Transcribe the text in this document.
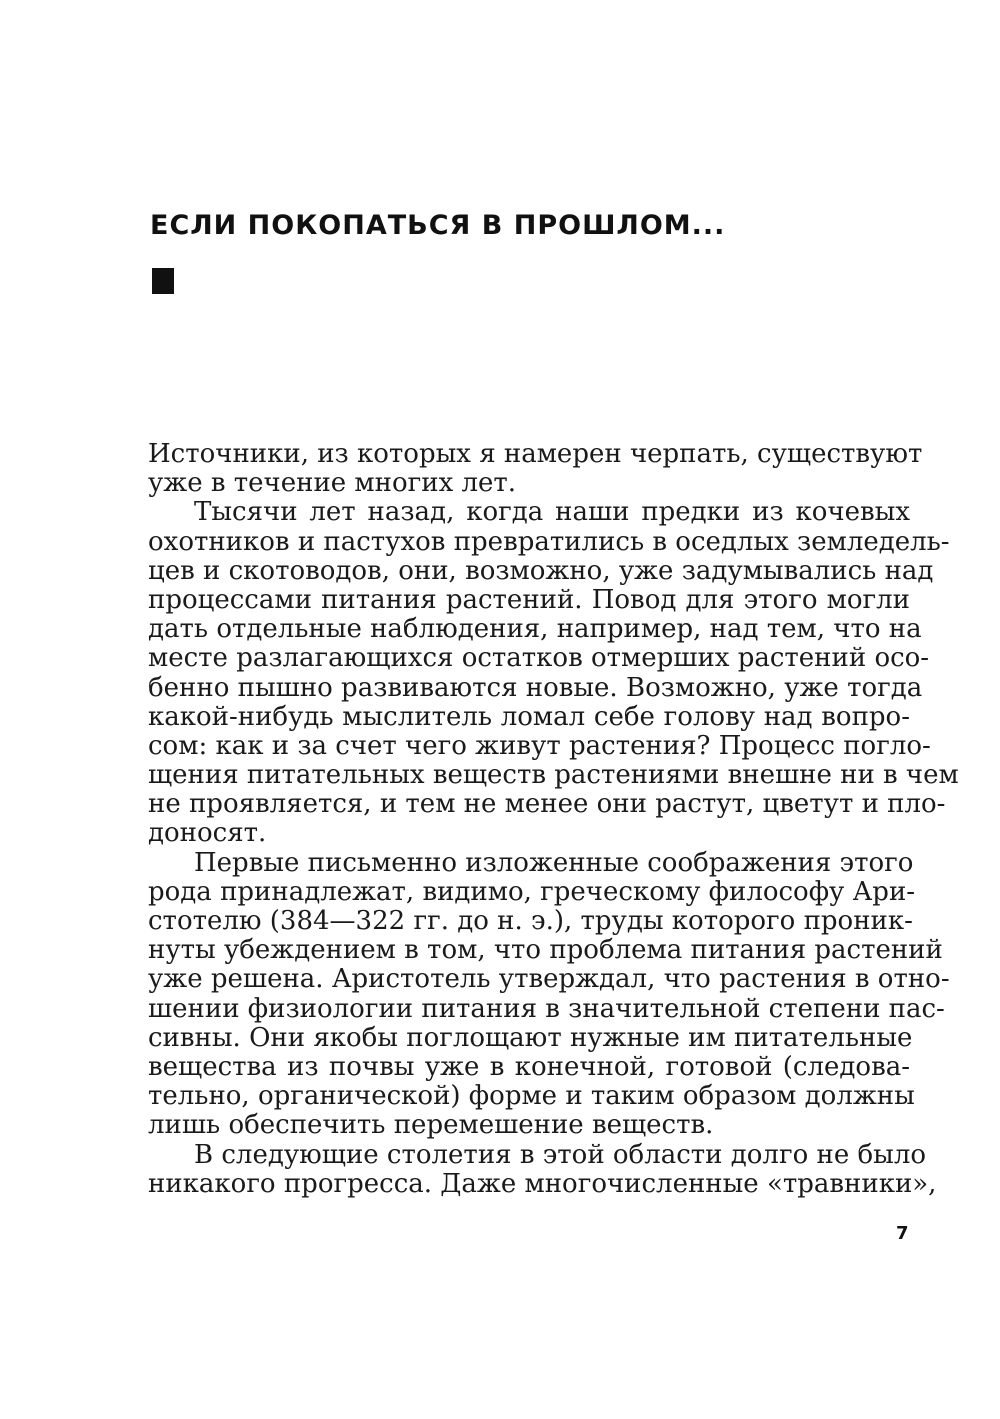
ЕСЛИ ПОКОПАТЬСЯ В ПРОШЛОМ...
Источники, из которых я намерен черпать, существуют
уже в течение многих лет.
Тысячи лет назад, когда наши предки из кочевых
охотников и пастухов превратились в оседлых земледель-
цев и скотоводов, они, возможно, уже задумывались над
процессами питания растений. Повод для этого могли
дать отдельные наблюдения, например, над тем, что на
месте разлагающихся остатков отмерших растений осо-
бенно пышно развиваются новые. Возможно, уже тогда
какой-нибудь мыслитель ломал себе голову над вопро-
сом: как и за счет чего живут растения? Процесс погло-
щения питательных веществ растениями внешне ни в чем
не проявляется, и тем не менее они растут, цветут и пло-
доносят.
Первые письменно изложенные соображения этого
рода принадлежат, видимо, греческому философу Ари-
стотелю (384—322 гг. до н. э.), труды которого проник-
нуты убеждением в том, что проблема питания растений
уже решена. Аристотель утверждал, что растения в отно-
шении физиологии питания в значительной степени пас-
сивны. Они якобы поглощают нужные им питательные
вещества из почвы уже в конечной, готовой (следова-
тельно, органической) форме и таким образом должны
лишь обеспечить перемешение веществ.
В следующие столетия в этой области долго не было
никакого прогресса. Даже многочисленные «травники»,
7
